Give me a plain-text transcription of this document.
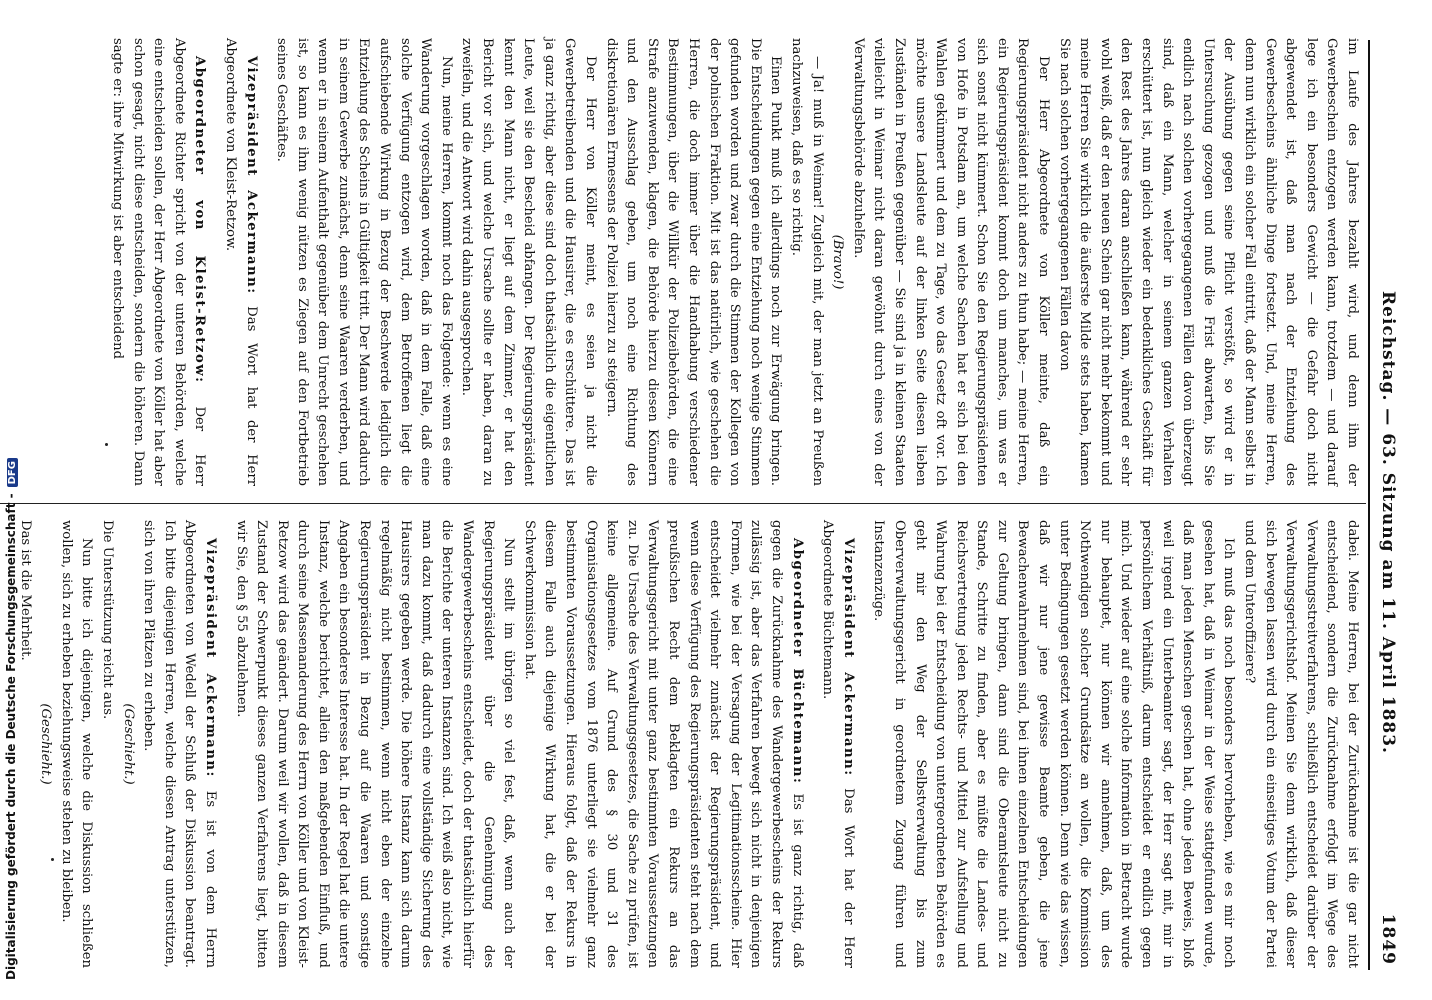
Reichstag. — 63. Sitzung am 11. April 1883.
1849

im Laufe des Jahres bezahlt wird, und denn ihm der Gewerbeschein entzogen werden kann, trotzdem — und darauf lege ich ein besonders Gewicht — die Gefahr doch nicht abgewendet ist, daß man nach der Entziehung des Gewerbescheins ähnliche Dinge fortsetzt. Und, meine Herren, denn nun wirklich ein solcher Fall eintritt, daß der Mann selbst in der Ausübung gegen seine Pflicht verstößt, so wird er in Untersuchung gezogen und muß die Frist abwarten, bis Sie endlich nach solchen vorhergegangenen Fällen davon überzeugt sind, daß ein Mann, welcher in seinem ganzen Verhalten erschüttert ist, nun gleich wieder ein bedenkliches Geschäft für den Rest des Jahres daran anschließen kann, während er sehr wohl weiß, daß er den neuen Schein gar nicht mehr bekommt und meine Herren Sie wirklich die äußerste Milde stets haben, kamen Sie nach solchen vorhergegangenen Fällen davon

Der Herr Abgeordnete von Köller meinte, daß ein Regierungspräsident nicht anders zu thun habe; — meine Herren, ein Regierungspräsident kommt doch um manches, um was er sich sonst nicht kümmert. Schon Sie den Regierungspräsidenten von Hofe in Potsdam an, um welche Sachen hat er sich bei den Wahlen gekümmert und dem zu Tage, wo das Gesetz oft vor. Ich möchte unsere Landsleute auf der linken Seite diesen lieben Zuständen in Preußen gegenüber — Sie sind ja in kleinen Staaten vielleicht in Weimar nicht daran gewöhnt durch eines von der Verwaltungsbehörde abzuhelfen.

(Bravo!)

— Ja! muß in Weimar! Zugleich mit, der man jetzt an Preußen nachzuweisen, daß es so richtig.

Einen Punkt muß ich allerdings noch zur Erwägung bringen. Die Entscheidungen gegen eine Entziehung noch wenige Stimmen gefunden worden und zwar durch die Stimmen der Kollegen von der polnischen Fraktion. Mit ist das natürlich, wie geschehen die Herren, die doch immer über die Handhabung verschiedener Bestimmungen, über die Willkür der Polizeibehörden, die eine Strafe anzuwenden, klagen, die Behörde hierzu diesen Könnern und den Ausschlag geben, um noch eine Richtung des diskretionären Ermessens der Polizei hierzu zu steigern.

Der Herr von Köller meint, es seien ja nicht die Gewerbetreibenden und die Hausirer, die es erschüttere. Das ist ja ganz richtig, aber diese sind doch thatsächlich die eigentlichen Leute, weil sie den Bescheid abfangen. Der Regierungspräsident kennt den Mann nicht, er liegt auf dem Zimmer, er hat den Bericht vor sich, und welche Ursache sollte er haben, daran zu zweifeln, und die Antwort wird dahin ausgesprochen.

Nun, meine Herren, kommt noch das Folgende: wenn es eine Wanderung vorgeschlagen worden, daß in dem Falle, daß eine solche Verfügung entzogen wird, dem Betroffenen liegt die aufschiebende Wirkung in Bezug der Beschwerde lediglich die Entziehung des Scheins in Gültigkeit tritt. Der Mann wird dadurch in seinem Gewerbe zunächst, denn seine Waaren verderben, und wenn er in seinem Aufenthalt gegenüber dem Unrecht geschehen ist, so kann es ihm wenig nützen es Ziegen auf den Fortbetrieb seines Geschäftes.

Vizepräsident Ackermann: Das Wort hat der Herr Abgeordnete von Kleist-Retzow.

Abgeordneter von Kleist-Retzow: Der Herr Abgeordnete Richter spricht von der unteren Behörden, welche eine entscheiden sollen, der Herr Abgeordnete von Köller hat aber schon gesagt, nicht diese entscheiden, sondern die höheren. Dann sagte er: ihre Mitwirkung ist aber entscheidend

dabei. Meine Herren, bei der Zurücknahme ist die gar nicht entscheidend, sondern die Zurücknahme erfolgt im Wege des Verwaltungsstreitverfahrens, schließlich entscheidet darüber der Verwaltungsgerichtshof. Meinen Sie denn wirklich, daß dieser sich bewegen lassen wird durch ein einseitiges Votum der Partei und dem Unteroffiziere?

Ich muß das noch besonders hervorheben, wie es mir noch gesehen hat, daß in Weimar in der Weise stattgefunden wurde, daß man jeden Menschen geschen hat, ohne jeden Beweis, bloß weil irgend ein Unterbeamter sagt, der Herr sagt mit, mir in persönlichem Verhältniß, darum entscheidet er endlich gegen mich. Und wieder auf eine solche Information in Betracht wurde nur behauptet, nur können wir annehmen, daß, um des Nothwendigen solcher Grundsätze an wollen, die Kommission unter Bedingungen gesetzt werden können. Denn wie das wissen, daß wir nur jene gewisse Beamte geben, die jene Bewachenwahrnehmen sind, bei ihnen einzelnen Entscheidungen zur Geltung bringen, dann sind die Oberamtsleute nicht zu Stande, Schritte zu finden, aber es müßte die Landes- und Reichsvertretung jeden Rechts- und Mittel zur Aufstellung und Wahrung bei der Entscheidung von untergeordneten Behörden es geht mir den Weg der Selbstverwaltung bis zum Oberverwaltungsgericht in geordnetem Zugang führen und Instanzenzüge.

Vizepräsident Ackermann: Das Wort hat der Herr Abgeordnete Büchtemann.

Abgeordneter Büchtemann: Es ist ganz richtig, daß gegen die Zurücknahme des Wandergewerbescheins der Rekurs zulässig ist, aber das Verfahren bewegt sich nicht in denjenigen Formen, wie bei der Versagung der Legitimationsscheine. Hier entscheidet vielmehr zunächst der Regierungspräsident, und wenn diese Verfügung des Regierungspräsidenten steht nach dem preußischen Recht dem Beklagten ein Rekurs an das Verwaltungsgericht mit unter ganz bestimmten Voraussetzungen zu. Die Ursache des Verwaltungsgesetzes, die Sache zu prüfen, ist keine allgemeine. Auf Grund des § 30 und 31 des Organisationsgesetzes vom 1876 unterliegt sie vielmehr ganz bestimmten Voraussetzungen. Hieraus folgt, daß der Rekurs in diesem Falle auch diejenige Wirkung hat, die er bei der Schwerkommission hat.

Nun stellt im übrigen so viel fest, daß, wenn auch der Regierungspräsident über die Genehmigung des Wandergewerbescheins entscheidet, doch der thatsächlich hierfür die Berichte der unteren Instanzen sind. Ich weiß also nicht, wie man dazu kommt, daß dadurch eine vollständige Sicherung des Hausirers gegeben werde. Die höhere Instanz kann sich darum regelmäßig nicht bestimmen, wenn nicht eben der einzelne Regierungspräsident in Bezug auf die Waaren und sonstige Angaben ein besonderes Interesse hat. In der Regel hat die untere Instanz, welche berichtet, allein den maßgebenden Einfluß, und durch seine Massenanderung des Herrn von Köller und von Kleist-Retzow wird das geändert. Darum weil wir wollen, daß in diesem Zustand der Schwerpunkt dieses ganzen Verfahrens liegt, bitten wir Sie, den § 55 abzulehnen.

Vizepräsident Ackermann: Es ist von dem Herrn Abgeordneten von Wedell der Schluß der Diskussion beantragt. Ich bitte diejenigen Herren, welche diesen Antrag unterstützen, sich von ihren Plätzen zu erheben.

(Geschieht.)

Die Unterstützung reicht aus.

Nun bitte ich diejenigen, welche die Diskussion schließen wollen, sich zu erheben beziehungsweise stehen zu bleiben.

(Geschieht.)

Das ist die Mehrheit.

Digitalisierung gefördert durch die Deutsche Forschungsgemeinschaft -DFG
